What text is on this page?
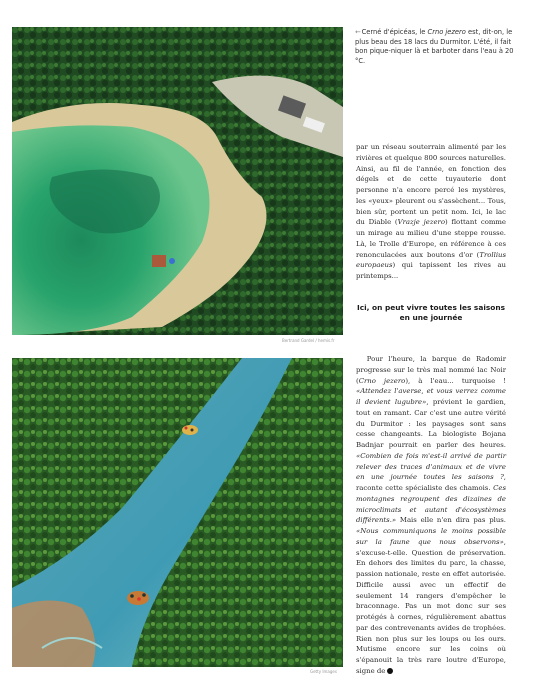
Bertrand Gardel / hemis.fr
Getty Images
←Cerné d'épicéas, le Crno jezero est, dit-on, le plus beau des 18 lacs du Durmitor. L'été, il fait bon pique-niquer là et barboter dans l'eau à 20 °C.

par un réseau souterrain alimenté par les rivières et quelque 800 sources naturelles. Ainsi, au fil de l'année, en fonction des dégels et de cette tuyauterie dont personne n'a encore percé les mystères, les «yeux» pleurent ou s'assèchent... Tous, bien sûr, portent un petit nom. Ici, le lac du Diable (Vrazje jezero) flottant comme un mirage au milieu d'une steppe rousse. Là, le Trolle d'Europe, en référence à ces renonculacées aux boutons d'or (Trollius europaeus) qui tapissent les rives au printemps...

Ici, on peut vivre toutes les saisons en une journée

Pour l'heure, la barque de Radomir progresse sur le très mal nommé lac Noir (Crno jezero), à l'eau... turquoise ! «Attendez l'averse, et vous verrez comme il devient lugubre», prévient le gardien, tout en ramant. Car c'est une autre vérité du Durmitor : les paysages sont sans cesse changeants. La biologiste Bojana Badnjar pourrait en parler des heures. «Combien de fois m'est-il arrivé de partir relever des traces d'animaux et de vivre en une journée toutes les saisons ?, raconte cette spécialiste des chamois. Ces montagnes regroupent des dizaines de microclimats et autant d'écosystèmes différents.» Mais elle n'en dira pas plus. «Nous communiquons le moins possible sur la faune que nous observons», s'excuse-t-elle. Question de préservation. En dehors des limites du parc, la chasse, passion nationale, reste en effet autorisée. Difficile aussi avec un effectif de seulement 14 rangers d'empêcher le braconnage. Pas un mot donc sur ses protégés à cornes, régulièrement abattus par des contrevenants avides de trophées. Rien non plus sur les loups ou les ours. Mutisme encore sur les coins où s'épanouit la très rare loutre d'Europe, signe de
